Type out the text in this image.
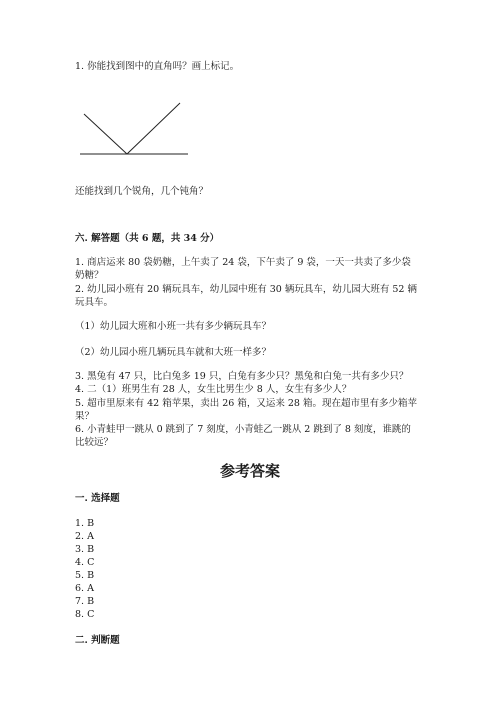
1. 你能找到图中的直角吗？画上标记。
还能找到几个锐角，几个钝角？
六. 解答题（共 6 题，共 34 分）
1. 商店运来 80 袋奶糖，上午卖了 24 袋，下午卖了 9 袋，一天一共卖了多少袋
奶糖？
2. 幼儿园小班有 20 辆玩具车，幼儿园中班有 30 辆玩具车，幼儿园大班有 52 辆
玩具车。
（1）幼儿园大班和小班一共有多少辆玩具车？
（2）幼儿园小班几辆玩具车就和大班一样多？
3. 黑兔有 47 只，比白兔多 19 只，白兔有多少只？黑兔和白兔一共有多少只？
4. 二（1）班男生有 28 人，女生比男生少 8 人，女生有多少人？
5. 超市里原来有 42 箱苹果，卖出 26 箱，又运来 28 箱。现在超市里有多少箱苹
果？
6. 小青蛙甲一跳从 0 跳到了 7 刻度，小青蛙乙一跳从 2 跳到了 8 刻度，谁跳的
比较远？
参考答案
一. 选择题
1. B
2. A
3. B
4. C
5. B
6. A
7. B
8. C
二. 判断题
